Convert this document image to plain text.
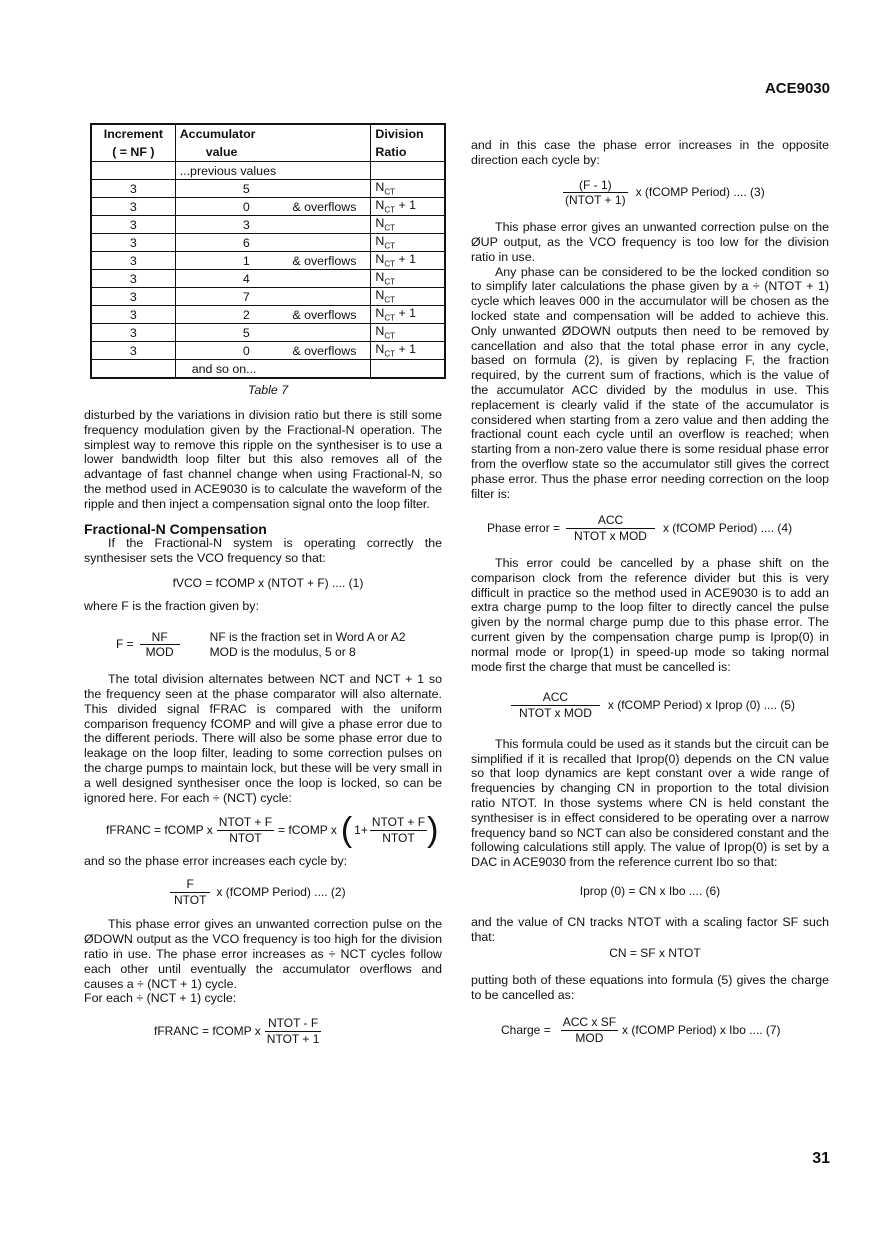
ACE9030
Increment	Accumulator	Division
( = NF )	value	Ratio
	...previous values	
3	5	$N_{CT}$
3	0 & overflows	$N_{CT} + 1$
3	3	$N_{CT}$
3	6	$N_{CT}$
3	1 & overflows	$N_{CT} + 1$
3	4	$N_{CT}$
3	7	$N_{CT}$
3	2 & overflows	$N_{CT} + 1$
3	5	$N_{CT}$
3	0 & overflows	$N_{CT} + 1$
	and so on...	
Table 7

disturbed by the variations in division ratio but there is still some frequency modulation given by the Fractional-N operation. The simplest way to remove this ripple on the synthesiser is to use a lower bandwidth loop filter but this also removes all of the advantage of fast channel change when using Fractional-N, so the method used in ACE9030 is to calculate the waveform of the ripple and then inject a compensation signal onto the loop filter.

Fractional-N Compensation

If the Fractional-N system is operating correctly the synthesiser sets the VCO frequency so that:

fVCO = fCOMP x (NTOT + F) .... (1)

where F is the fraction given by:

$F = \frac{NF}{\text{MOD}}$	NF is the fraction set in Word A or A2
MOD is the modulus, 5 or 8

The total division alternates between NCT and NCT + 1 so the frequency seen at the phase comparator will also alternate. This divided signal fFRAC is compared with the uniform comparison frequency fCOMP and will give a phase error due to the different periods. There will also be some phase error due to leakage on the loop filter, leading to some correction pulses on the charge pumps to maintain lock, but these will be very small in a well designed synthesiser once the loop is locked, so can be ignored here. For each ÷ (NCT) cycle:

fFRANC = fCOMP x $\frac{\text{NTOT + F}}{\text{NTOT}}$ = fCOMP x ( $1+ \frac{\text{NTOT + F}}{\text{NTOT}}$ )

and so the phase error increases each cycle by:

$\frac{F}{\text{NTOT}}$ x (fCOMP Period) .... (2)

This phase error gives an unwanted correction pulse on the ØDOWN output as the VCO frequency is too high for the division ratio in use. The phase error increases as ÷ NCT cycles follow each other until eventually the accumulator overflows and causes a ÷ (NCT + 1) cycle.

For each ÷ (NCT + 1) cycle:

fFRANC = fCOMP x $\frac{\text{NTOT - F}}{\text{NTOT + 1}}$

and in this case the phase error increases in the opposite direction each cycle by:

$\frac{(F - 1)}{\text{(NTOT + 1)}}$ x (fCOMP Period) .... (3)

This phase error gives an unwanted correction pulse on the ØUP output, as the VCO frequency is too low for the division ratio in use.

Any phase can be considered to be the locked condition so to simplify later calculations the phase given by a ÷ (NTOT + 1) cycle which leaves 000 in the accumulator will be chosen as the locked state and compensation will be added to achieve this. Only unwanted ØDOWN outputs then need to be removed by cancellation and also that the total phase error in any cycle, based on formula (2), is given by replacing F, the fraction required, by the current sum of fractions, which is the value of the accumulator ACC divided by the modulus in use. This replacement is clearly valid if the state of the accumulator is considered when starting from a zero value and then adding the fractional count each cycle until an overflow is reached; when starting from a non-zero value there is some residual phase error from the overflow state so the accumulator still gives the correct phase error. Thus the phase error needing correction on the loop filter is:

Phase error = $\frac{\text{ACC}}{\text{NTOT x MOD}}$ x (fCOMP Period) .... (4)

This error could be cancelled by a phase shift on the comparison clock from the reference divider but this is very difficult in practice so the method used in ACE9030 is to add an extra charge pump to the loop filter to directly cancel the pulse given by the normal charge pump due to this phase error. The current given by the compensation charge pump is Iprop(0) in normal mode or Iprop(1) in speed-up mode so taking normal mode first the charge that must be cancelled is:

$\frac{\text{ACC}}{\text{NTOT x MOD}}$ x (fCOMP Period) x Iprop (0) .... (5)

This formula could be used as it stands but the circuit can be simplified if it is recalled that Iprop(0) depends on the CN value so that loop dynamics are kept constant over a wide range of frequencies by changing CN in proportion to the total division ratio NTOT. In those systems where CN is held constant the synthesiser is in effect considered to be operating over a narrow frequency band so NCT can also be considered constant and the following calculations still apply. The value of Iprop(0) is set by a DAC in ACE9030 from the reference current Ibo so that:

Iprop (0) = CN x Ibo .... (6)

and the value of CN tracks NTOT with a scaling factor SF such that:

CN = SF x NTOT

putting both of these equations into formula (5) gives the charge to be cancelled as:

Charge = $\frac{\text{ACC x SF}}{\text{MOD}}$ x (fCOMP Period) x Ibo .... (7)
31
